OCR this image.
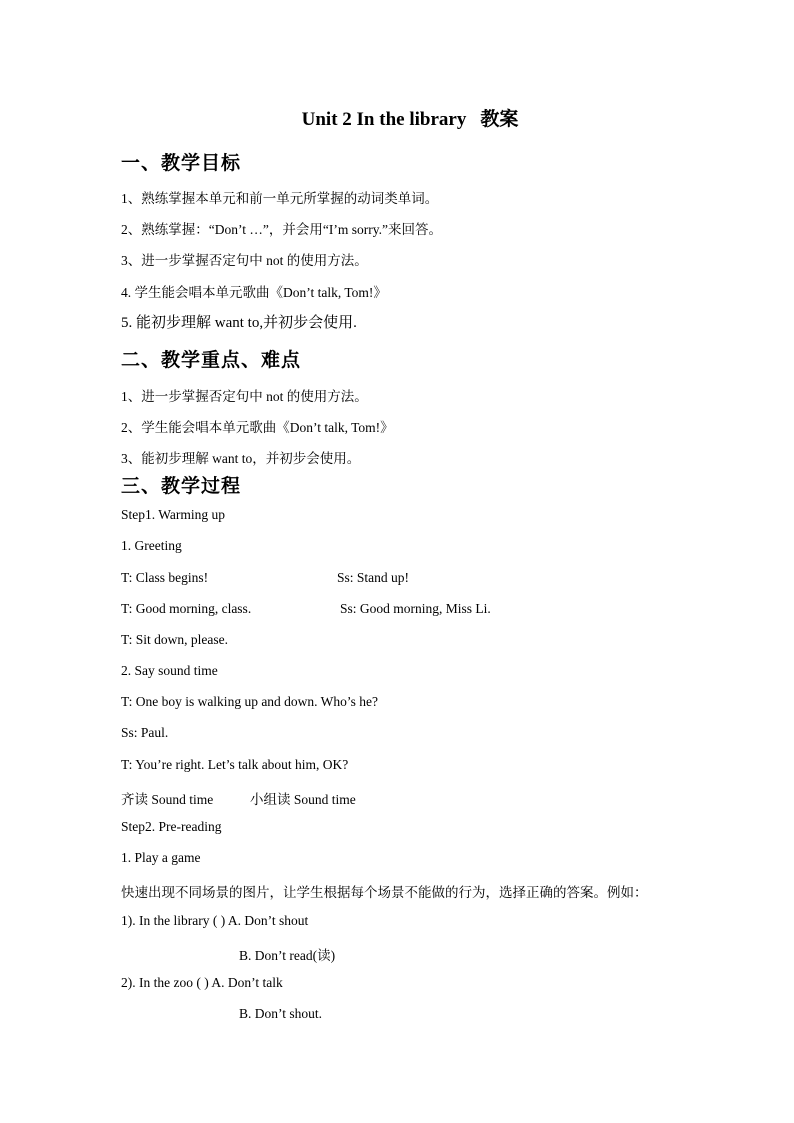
Unit 2 In the library 教案
一、教学目标
1、熟练掌握本单元和前一单元所掌握的动词类单词。
2、熟练掌握：“Don’t …”，并会用“I’m sorry.”来回答。
3、进一步掌握否定句中 not 的使用方法。
4. 学生能会唱本单元歌曲《Don’t talk, Tom!》
5. 能初步理解 want to,并初步会使用.
二、教学重点、难点
1、进一步掌握否定句中 not 的使用方法。
2、学生能会唱本单元歌曲《Don’t talk, Tom!》
3、能初步理解 want to，并初步会使用。
三、教学过程
Step1. Warming up
1. Greeting
T: Class begins!	Ss: Stand up!
T: Good morning, class.	Ss: Good morning, Miss Li.
T: Sit down, please.
2. Say sound time
T: One boy is walking up and down. Who’s he?
Ss: Paul.
T: You’re right. Let’s talk about him, OK?
齐读 Sound time	小组读 Sound time
Step2. Pre-reading
1. Play a game
快速出现不同场景的图片，让学生根据每个场景不能做的行为，选择正确的答案。例如：
1). In the library ( ) A. Don’t shout
B. Don’t read(读)
2). In the zoo ( ) A. Don’t talk
B. Don’t shout.
